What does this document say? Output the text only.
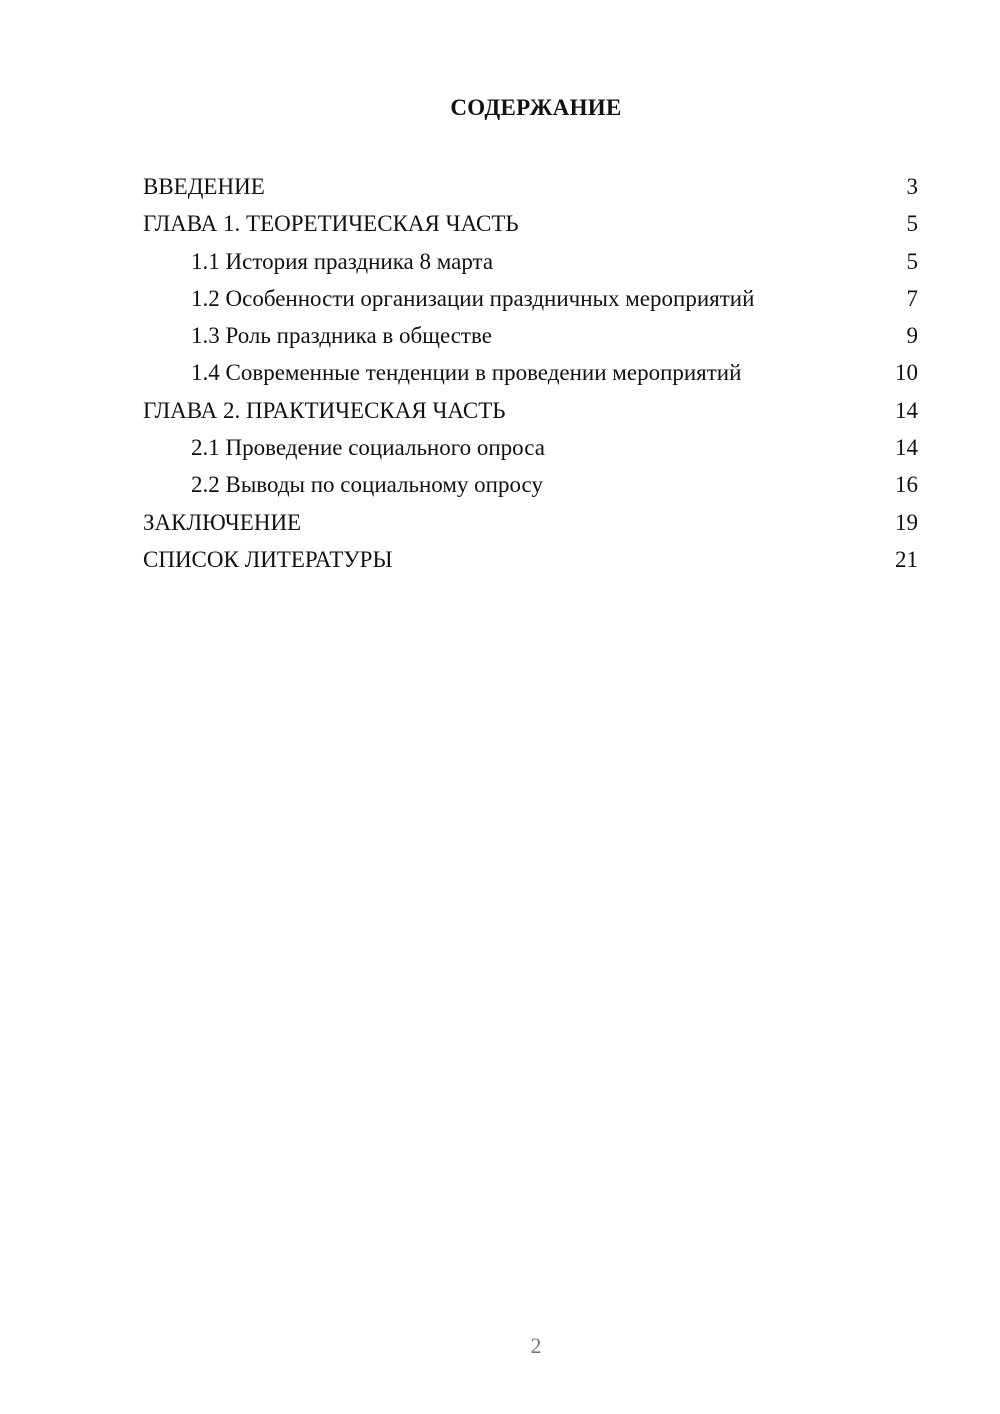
СОДЕРЖАНИЕ
ВВЕДЕНИЕ	3
ГЛАВА 1. ТЕОРЕТИЧЕСКАЯ ЧАСТЬ	5
1.1 История праздника 8 марта	5
1.2 Особенности организации праздничных мероприятий	7
1.3 Роль праздника в обществе	9
1.4 Современные тенденции в проведении мероприятий	10
ГЛАВА 2. ПРАКТИЧЕСКАЯ ЧАСТЬ	14
2.1 Проведение социального опроса	14
2.2 Выводы по социальному опросу	16
ЗАКЛЮЧЕНИЕ	19
СПИСОК ЛИТЕРАТУРЫ	21
2
